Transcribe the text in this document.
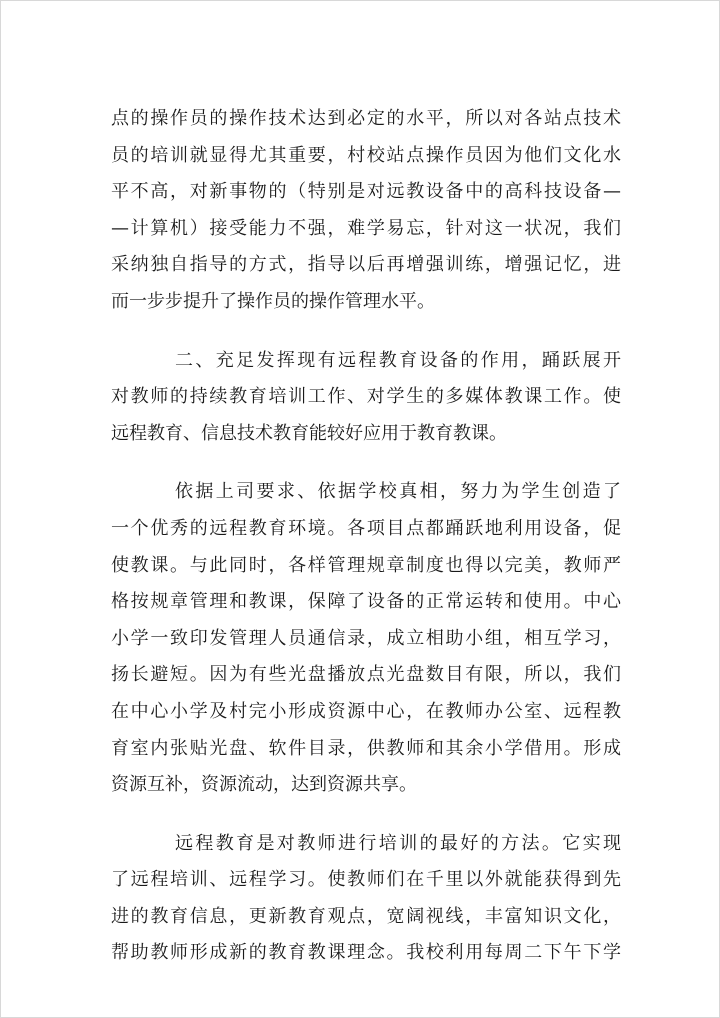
点的操作员的操作技术达到必定的水平，所以对各站点技术
员的培训就显得尤其重要，村校站点操作员因为他们文化水
平不高，对新事物的（特别是对远教设备中的高科技设备—
—计算机）接受能力不强，难学易忘，针对这一状况，我们
采纳独自指导的方式，指导以后再增强训练，增强记忆，进
而一步步提升了操作员的操作管理水平。
二、充足发挥现有远程教育设备的作用，踊跃展开
对教师的持续教育培训工作、对学生的多媒体教课工作。使
远程教育、信息技术教育能较好应用于教育教课。
依据上司要求、依据学校真相，努力为学生创造了
一个优秀的远程教育环境。各项目点都踊跃地利用设备，促
使教课。与此同时，各样管理规章制度也得以完美，教师严
格按规章管理和教课，保障了设备的正常运转和使用。中心
小学一致印发管理人员通信录，成立相助小组，相互学习，
扬长避短。因为有些光盘播放点光盘数目有限，所以，我们
在中心小学及村完小形成资源中心，在教师办公室、远程教
育室内张贴光盘、软件目录，供教师和其余小学借用。形成
资源互补，资源流动，达到资源共享。
远程教育是对教师进行培训的最好的方法。它实现
了远程培训、远程学习。使教师们在千里以外就能获得到先
进的教育信息，更新教育观点，宽阔视线，丰富知识文化，
帮助教师形成新的教育教课理念。我校利用每周二下午下学
